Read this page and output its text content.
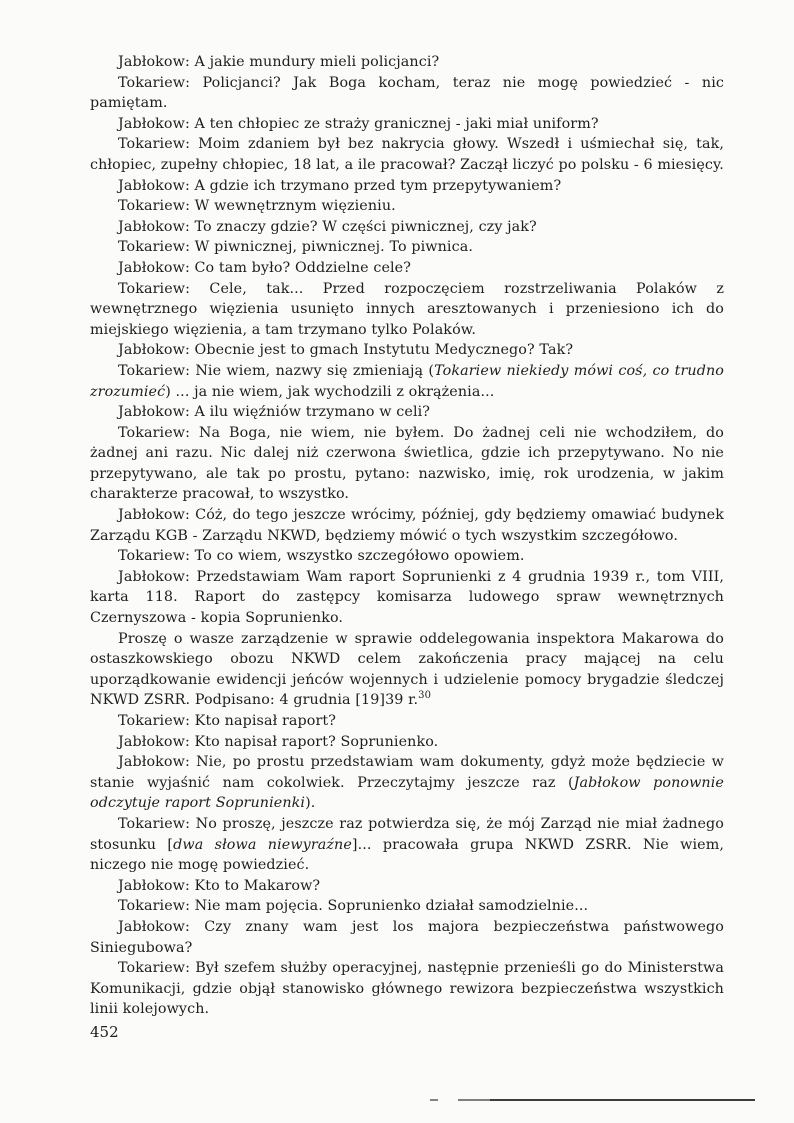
Jabłokow: A jakie mundury mieli policjanci?

Tokariew: Policjanci? Jak Boga kocham, teraz nie mogę powiedzieć - nic pamiętam.

Jabłokow: A ten chłopiec ze straży granicznej - jaki miał uniform?

Tokariew: Moim zdaniem był bez nakrycia głowy. Wszedł i uśmiechał się, tak, chłopiec, zupełny chłopiec, 18 lat, a ile pracował? Zaczął liczyć po polsku - 6 miesięcy.

Jabłokow: A gdzie ich trzymano przed tym przepytywaniem?

Tokariew: W wewnętrznym więzieniu.

Jabłokow: To znaczy gdzie? W części piwnicznej, czy jak?

Tokariew: W piwnicznej, piwnicznej. To piwnica.

Jabłokow: Co tam było? Oddzielne cele?

Tokariew: Cele, tak... Przed rozpoczęciem rozstrzeliwania Polaków z wewnętrznego więzienia usunięto innych aresztowanych i przeniesiono ich do miejskiego więzienia, a tam trzymano tylko Polaków.

Jabłokow: Obecnie jest to gmach Instytutu Medycznego? Tak?

Tokariew: Nie wiem, nazwy się zmieniają (Tokariew niekiedy mówi coś, co trudno zrozumieć) ... ja nie wiem, jak wychodzili z okrążenia...

Jabłokow: A ilu więźniów trzymano w celi?

Tokariew: Na Boga, nie wiem, nie byłem. Do żadnej celi nie wchodziłem, do żadnej ani razu. Nic dalej niż czerwona świetlica, gdzie ich przepytywano. No nie przepytywano, ale tak po prostu, pytano: nazwisko, imię, rok urodzenia, w jakim charakterze pracował, to wszystko.

Jabłokow: Cóż, do tego jeszcze wrócimy, później, gdy będziemy omawiać budynek Zarządu KGB - Zarządu NKWD, będziemy mówić o tych wszystkim szczegółowo.

Tokariew: To co wiem, wszystko szczegółowo opowiem.

Jabłokow: Przedstawiam Wam raport Soprunienki z 4 grudnia 1939 r., tom VIII, karta 118. Raport do zastępcy komisarza ludowego spraw wewnętrznych Czernyszowa - kopia Soprunienko.

Proszę o wasze zarządzenie w sprawie oddelegowania inspektora Makarowa do ostaszkowskiego obozu NKWD celem zakończenia pracy mającej na celu uporządkowanie ewidencji jeńców wojennych i udzielenie pomocy brygadzie śledczej NKWD ZSRR. Podpisano: 4 grudnia [19]39 r.$^{30}$

Tokariew: Kto napisał raport?

Jabłokow: Kto napisał raport? Soprunienko.

Jabłokow: Nie, po prostu przedstawiam wam dokumenty, gdyż może będziecie w stanie wyjaśnić nam cokolwiek. Przeczytajmy jeszcze raz (Jabłokow ponownie odczytuje raport Soprunienki).

Tokariew: No proszę, jeszcze raz potwierdza się, że mój Zarząd nie miał żadnego stosunku [dwa słowa niewyraźne]... pracowała grupa NKWD ZSRR. Nie wiem, niczego nie mogę powiedzieć.

Jabłokow: Kto to Makarow?

Tokariew: Nie mam pojęcia. Soprunienko działał samodzielnie...

Jabłokow: Czy znany wam jest los majora bezpieczeństwa państwowego Siniegubowa?

Tokariew: Był szefem służby operacyjnej, następnie przenieśli go do Ministerstwa Komunikacji, gdzie objął stanowisko głównego rewizora bezpieczeństwa wszystkich linii kolejowych.

452
